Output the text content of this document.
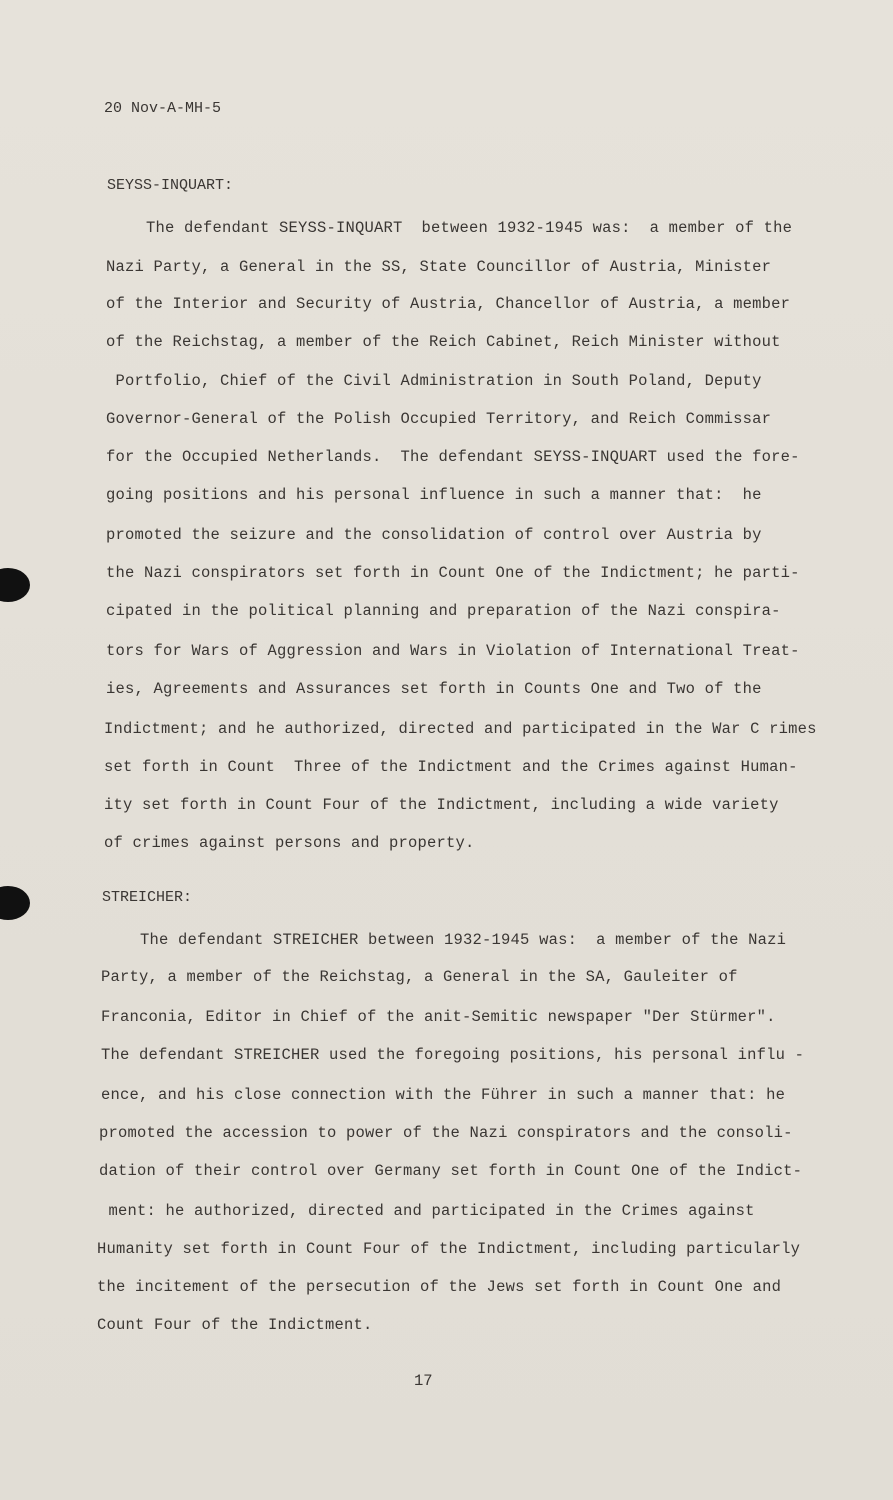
20 Nov-A-MH-5
SEYSS-INQUART:
The defendant SEYSS-INQUART  between 1932-1945 was:  a member of the
Nazi Party, a General in the SS, State Councillor of Austria, Minister
of the Interior and Security of Austria, Chancellor of Austria, a member
of the Reichstag, a member of the Reich Cabinet, Reich Minister without
Portfolio, Chief of the Civil Administration in South Poland, Deputy
Governor-General of the Polish Occupied Territory, and Reich Commissar
for the Occupied Netherlands.  The defendant SEYSS-INQUART used the fore-
going positions and his personal influence in such a manner that:  he
promoted the seizure and the consolidation of control over Austria by
the Nazi conspirators set forth in Count One of the Indictment; he parti-
cipated in the political planning and preparation of the Nazi conspira-
tors for Wars of Aggression and Wars in Violation of International Treat-
ies, Agreements and Assurances set forth in Counts One and Two of the
Indictment; and he authorized, directed and participated in the War C rimes
set forth in Count  Three of the Indictment and the Crimes against Human-
ity set forth in Count Four of the Indictment, including a wide variety
of crimes against persons and property.
STREICHER:
The defendant STREICHER between 1932-1945 was:  a member of the Nazi
Party, a member of the Reichstag, a General in the SA, Gauleiter of
Franconia, Editor in Chief of the anit-Semitic newspaper "Der Stürmer".
The defendant STREICHER used the foregoing positions, his personal influ -
ence, and his close connection with the Führer in such a manner that: he
promoted the accession to power of the Nazi conspirators and the consoli-
dation of their control over Germany set forth in Count One of the Indict-
ment: he authorized, directed and participated in the Crimes against
Humanity set forth in Count Four of the Indictment, including particularly
the incitement of the persecution of the Jews set forth in Count One and
Count Four of the Indictment.
17
